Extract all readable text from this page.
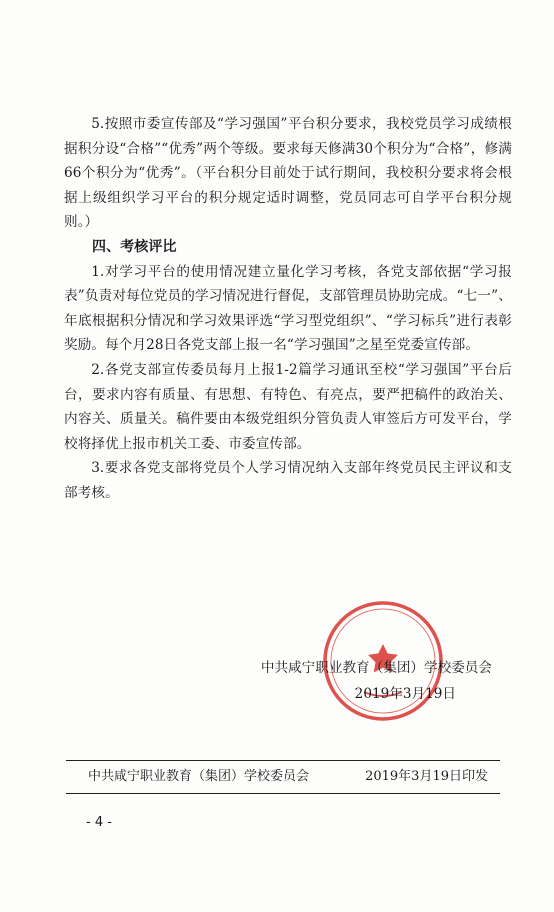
5.按照市委宣传部及“学习强国”平台积分要求，我校党员学习成绩根据积分设“合格”“优秀”两个等级。要求每天修满30个积分为“合格”，修满66个积分为“优秀”。（平台积分目前处于试行期间，我校积分要求将会根据上级组织学习平台的积分规定适时调整，党员同志可自学平台积分规则。）

四、考核评比

1.对学习平台的使用情况建立量化学习考核，各党支部依据“学习报表”负责对每位党员的学习情况进行督促，支部管理员协助完成。“七一”、年底根据积分情况和学习效果评选“学习型党组织”、“学习标兵”进行表彰奖励。每个月28日各党支部上报一名“学习强国”之星至党委宣传部。

2.各党支部宣传委员每月上报1-2篇学习通讯至校“学习强国”平台后台，要求内容有质量、有思想、有特色、有亮点，要严把稿件的政治关、内容关、质量关。稿件要由本级党组织分管负责人审签后方可发平台，学校将择优上报市机关工委、市委宣传部。

3.要求各党支部将党员个人学习情况纳入支部年终党员民主评议和支部考核。

中共咸宁职业教育（集团）学校委员会
2019年3月19日
中共咸宁职业教育（集团）学校委员会	2019年3月19日印发
- 4 -
